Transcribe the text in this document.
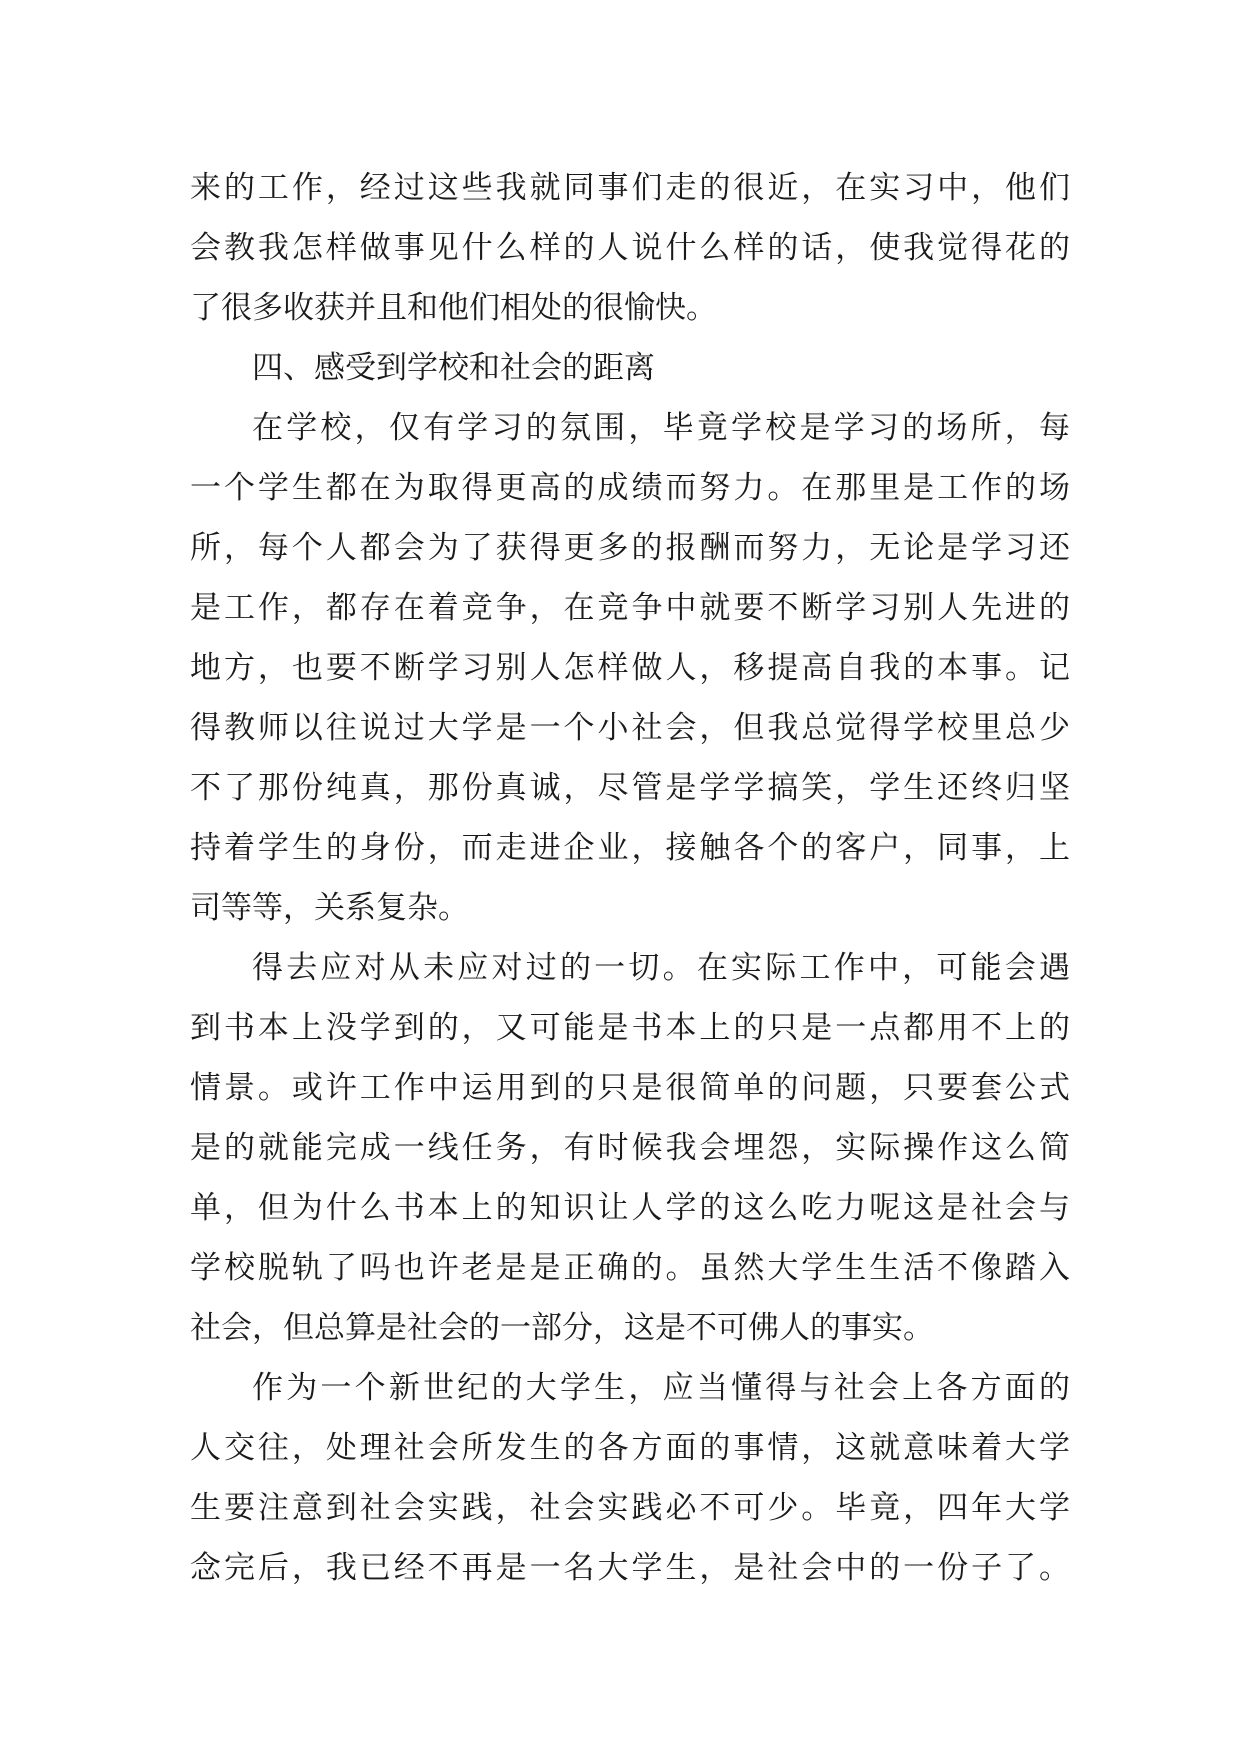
来的工作，经过这些我就同事们走的很近，在实习中，他们
会教我怎样做事见什么样的人说什么样的话，使我觉得花的
了很多收获并且和他们相处的很愉快。
四、感受到学校和社会的距离
在学校，仅有学习的氛围，毕竟学校是学习的场所，每
一个学生都在为取得更高的成绩而努力。在那里是工作的场
所，每个人都会为了获得更多的报酬而努力，无论是学习还
是工作，都存在着竞争，在竞争中就要不断学习别人先进的
地方，也要不断学习别人怎样做人，移提高自我的本事。记
得教师以往说过大学是一个小社会，但我总觉得学校里总少
不了那份纯真，那份真诚，尽管是学学搞笑，学生还终归坚
持着学生的身份，而走进企业，接触各个的客户，同事，上
司等等，关系复杂。
得去应对从未应对过的一切。在实际工作中，可能会遇
到书本上没学到的，又可能是书本上的只是一点都用不上的
情景。或许工作中运用到的只是很简单的问题，只要套公式
是的就能完成一线任务，有时候我会埋怨，实际操作这么简
单，但为什么书本上的知识让人学的这么吃力呢这是社会与
学校脱轨了吗也许老是是正确的。虽然大学生生活不像踏入
社会，但总算是社会的一部分，这是不可佛人的事实。
作为一个新世纪的大学生，应当懂得与社会上各方面的
人交往，处理社会所发生的各方面的事情，这就意味着大学
生要注意到社会实践，社会实践必不可少。毕竟，四年大学
念完后，我已经不再是一名大学生，是社会中的一份子了。
